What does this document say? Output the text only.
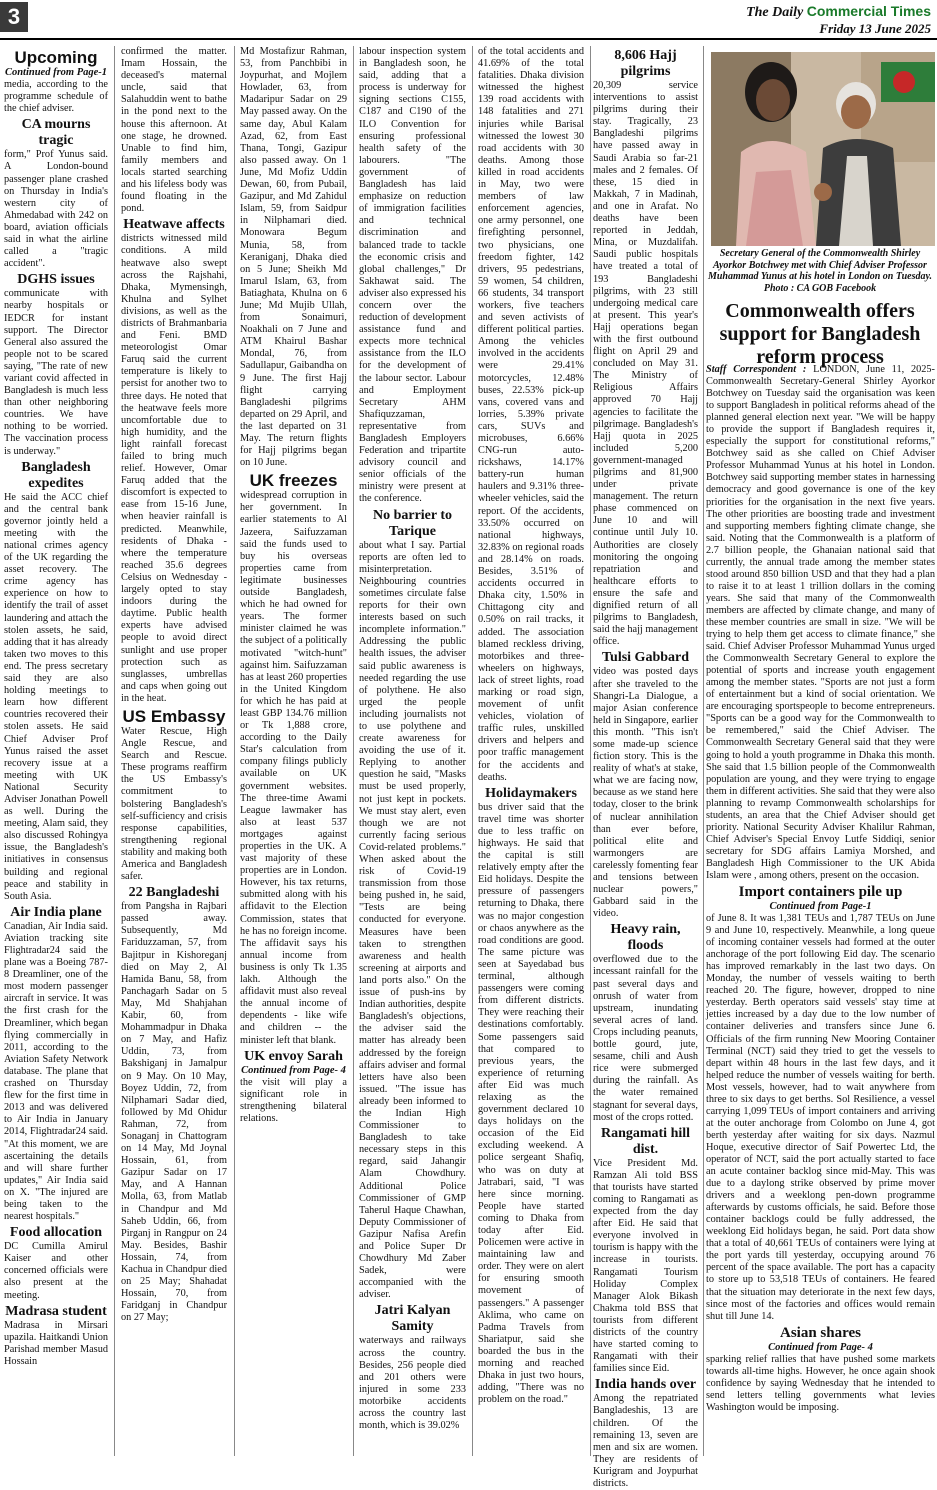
3	The Daily Commercial Times
Friday 13 June 2025
Upcoming
Continued from Page-1

media, according to the programme schedule of the chief adviser.

CA mourns tragic

form," Prof Yunus said. A London-bound passenger plane crashed on Thursday in India's western city of Ahmedabad with 242 on board, aviation officials said in what the airline called a "tragic accident".

DGHS issues

communicate with nearby hospitals or IEDCR for instant support. The Director General also assured the people not to be scared saying, "The rate of new variant covid affected in Bangladesh is much less than other neighboring countries. We have nothing to be worried. The vaccination process is underway."

Bangladesh expedites

He said the ACC chief and the central bank governor jointly held a meeting with the national crimes agency of the UK regarding the asset recovery. The crime agency has experience on how to identify the trail of asset laundering and attach the stolen assets, he said, adding that it has already taken two moves to this end. The press secretary said they are also holding meetings to learn how different countries recovered their stolen assets. He said Chief Adviser Prof Yunus raised the asset recovery issue at a meeting with UK National Security Adviser Jonathan Powell as well. During the meeting, Alam said, they also discussed Rohingya issue, the Bangladesh's initiatives in consensus building and regional peace and stability in South Asia.

Air India plane

Canadian, Air India said. Aviation tracking site Flightradar24 said the plane was a Boeing 787-8 Dreamliner, one of the most modern passenger aircraft in service. It was the first crash for the Dreamliner, which began flying commercially in 2011, according to the Aviation Safety Network database. The plane that crashed on Thursday flew for the first time in 2013 and was delivered to Air India in January 2014, Flightradar24 said. "At this moment, we are ascertaining the details and will share further updates," Air India said on X. "The injured are being taken to the nearest hospitals."

Food allocation

DC Cumilla Amirul Kaiser and other concerned officials were also present at the meeting.

Madrasa student

Madrasa in Mirsari upazila. Haitkandi Union Parishad member Masud Hossain

confirmed the matter. Imam Hossain, the deceased's maternal uncle, said that Salahuddin went to bathe in the pond next to the house this afternoon. At one stage, he drowned. Unable to find him, family members and locals started searching and his lifeless body was found floating in the pond.

Heatwave affects

districts witnessed mild conditions. A mild heatwave also swept across the Rajshahi, Dhaka, Mymensingh, Khulna and Sylhet divisions, as well as the districts of Brahmanbaria and Feni. BMD meteorologist Omar Faruq said the current temperature is likely to persist for another two to three days. He noted that the heatwave feels more uncomfortable due to high humidity, and the light rainfall forecast failed to bring much relief. However, Omar Faruq added that the discomfort is expected to ease from 15-16 June, when heavier rainfall is predicted. Meanwhile, residents of Dhaka - where the temperature reached 35.6 degrees Celsius on Wednesday - largely opted to stay indoors during the daytime. Public health experts have advised people to avoid direct sunlight and use proper protection such as sunglasses, umbrellas and caps when going out in the heat.

US Embassy

Water Rescue, High Angle Rescue, and Search and Rescue. These programs reaffirm the US Embassy's commitment to bolstering Bangladesh's self-sufficiency and crisis response capabilities, strengthening regional stability and making both America and Bangladesh safer.

22 Bangladeshi

from Pangsha in Rajbari passed away. Subsequently, Md Fariduzzaman, 57, from Bajitpur in Kishoreganj died on May 2, Al Hamida Banu, 58, from Panchagarh Sadar on 5 May, Md Shahjahan Kabir, 60, from Mohammadpur in Dhaka on 7 May, and Hafiz Uddin, 73, from Bakshiganj in Jamalpur on 9 May. On 10 May, Boyez Uddin, 72, from Nilphamari Sadar died, followed by Md Ohidur Rahman, 72, from Sonaganj in Chattogram on 14 May, Md Joynal Hossain, 61, from Gazipur Sadar on 17 May, and A Hannan Molla, 63, from Matlab in Chandpur and Md Saheb Uddin, 66, from Pirganj in Rangpur on 24 May. Besides, Bashir Hossain, 74, from Kachua in Chandpur died on 25 May; Shahadat Hossain, 70, from Faridganj in Chandpur on 27 May;

Md Mostafizur Rahman, 53, from Panchbibi in Joypurhat, and Mojlem Howlader, 63, from Madaripur Sadar on 29 May passed away. On the same day, Abul Kalam Azad, 62, from East Thana, Tongi, Gazipur also passed away. On 1 June, Md Mofiz Uddin Dewan, 60, from Pubail, Gazipur, and Md Zahidul Islam, 59, from Saidpur in Nilphamari died. Monowara Begum Munia, 58, from Keraniganj, Dhaka died on 5 June; Sheikh Md Imarul Islam, 63, from Batiaghata, Khulna on 6 June; Md Mujib Ullah, from Sonaimuri, Noakhali on 7 June and ATM Khairul Bashar Mondal, 76, from Sadullapur, Gaibandha on 9 June. The first Hajj flight carrying Bangladeshi pilgrims departed on 29 April, and the last departed on 31 May. The return flights for Hajj pilgrims began on 10 June.

UK freezes

widespread corruption in her government. In earlier statements to Al Jazeera, Saifuzzaman said the funds used to buy his overseas properties came from legitimate businesses outside Bangladesh, which he had owned for years. The former minister claimed he was the subject of a politically motivated "witch-hunt" against him. Saifuzzaman has at least 260 properties in the United Kingdom for which he has paid at least GBP 134.76 million or Tk 1,888 crore, according to the Daily Star's calculation from company filings publicly available on UK government websites. The three-time Awami League lawmaker has also at least 537 mortgages against properties in the UK. A vast majority of these properties are in London. However, his tax returns, submitted along with his affidavit to the Election Commission, states that he has no foreign income. The affidavit says his annual income from business is only Tk 1.35 lakh. Although the affidavit must also reveal the annual income of dependents - like wife and children -- the minister left that blank.

UK envoy Sarah
Continued from Page- 4

the visit will play a significant role in strengthening bilateral relations.

labour inspection system in Bangladesh soon, he said, adding that a process is underway for signing sections C155, C187 and C190 of the ILO Convention for ensuring professional health safety of the labourers. "The government of Bangladesh has laid emphasize on reduction of immigration facilities and technical discrimination and balanced trade to tackle the economic crisis and global challenges," Dr Sakhawat said. The adviser also expressed his concern over the reduction of development assistance fund and expects more technical assistance from the ILO for the development of the labour sector. Labour and Employment Secretary AHM Shafiquzzaman, representative from Bangladesh Employers Federation and tripartite advisory council and senior officials of the ministry were present at the conference.

No barrier to Tarique

about what I say. Partial reports are often led to misinterpretation. Neighbouring countries sometimes circulate false reports for their own interests based on such incomplete information." Addressing the public health issues, the adviser said public awareness is needed regarding the use of polythene. He also urged the people including journalists not to use polythene and create awareness for avoiding the use of it. Replying to another question he said, "Masks must be used properly, not just kept in pockets. We must stay alert, even though we are not currently facing serious Covid-related problems." When asked about the risk of Covid-19 transmission from those being pushed in, he said, "Tests are being conducted for everyone. Measures have been taken to strengthen awareness and health screening at airports and land ports also." On the issue of push-ins by Indian authorities, despite Bangladesh's objections, the adviser said the matter has already been addressed by the foreign affairs adviser and formal letters have also been issued. "The issue has already been informed to the Indian High Commissioner to Bangladesh to take necessary steps in this regard, said Jahangir Alam Chowdhury. Additional Police Commissioner of GMP Taherul Haque Chawhan, Deputy Commissioner of Gazipur Nafisa Arefin and Police Super Dr Chowdhury Md Zaber Sadek, were accompanied with the adviser.

Jatri Kalyan Samity

waterways and railways across the country. Besides, 256 people died and 201 others were injured in some 233 motorbike accidents across the country last month, which is 39.02%

of the total accidents and 41.69% of the total fatalities. Dhaka division witnessed the highest 139 road accidents with 148 fatalities and 271 injuries while Barisal witnessed the lowest 30 road accidents with 30 deaths. Among those killed in road accidents in May, two were members of law enforcement agencies, one army personnel, one firefighting personnel, two physicians, one freedom fighter, 142 drivers, 95 pedestrians, 59 women, 54 children, 66 students, 34 transport workers, five teachers and seven activists of different political parties. Among the vehicles involved in the accidents were 29.41% motorcycles, 12.48% buses, 22.53% pick-up vans, covered vans and lorries, 5.39% private cars, SUVs and microbuses, 6.66% CNG-run auto-rickshaws, 14.17% battery-run human haulers and 9.31% three-wheeler vehicles, said the report. Of the accidents, 33.50% occurred on national highways, 32.83% on regional roads and 28.14% on roads. Besides, 3.51% of accidents occurred in Dhaka city, 1.50% in Chittagong city and 0.50% on rail tracks, it added. The association blamed reckless driving, motorbikes and three-wheelers on highways, lack of street lights, road marking or road sign, movement of unfit vehicles, violation of traffic rules, unskilled drivers and helpers and poor traffic management for the accidents and deaths.

Holidaymakers

bus driver said that the travel time was shorter due to less traffic on highways. He said that the capital is still relatively empty after the Eid holidays. Despite the pressure of passengers returning to Dhaka, there was no major congestion or chaos anywhere as the road conditions are good. The same picture was seen at Sayedabad bus terminal, although passengers were coming from different districts. They were reaching their destinations comfortably. Some passengers said that compared to previous years, the experience of returning after Eid was much relaxing as the government declared 10 days holidays on the occasion of the Eid excluding weekend. A police sergeant Shafiq, who was on duty at Jatrabari, said, "I was here since morning. People have started coming to Dhaka from today after Eid. Policemen were active in maintaining law and order. They were on alert for ensuring smooth movement of passengers." A passenger Aklima, who came on Padma Travels from Shariatpur, said she boarded the bus in the morning and reached Dhaka in just two hours, adding, "There was no problem on the road."

8,606 Hajj pilgrims

20,309 service interventions to assist pilgrims during their stay. Tragically, 23 Bangladeshi pilgrims have passed away in Saudi Arabia so far-21 males and 2 females. Of these, 15 died in Makkah, 7 in Madinah, and one in Arafat. No deaths have been reported in Jeddah, Mina, or Muzdalifah. Saudi public hospitals have treated a total of 193 Bangladeshi pilgrims, with 23 still undergoing medical care at present. This year's Hajj operations began with the first outbound flight on April 29 and concluded on May 31. The Ministry of Religious Affairs approved 70 Hajj agencies to facilitate the pilgrimage. Bangladesh's Hajj quota in 2025 included 5,200 government-managed pilgrims and 81,900 under private management. The return phase commenced on June 10 and will continue until July 10. Authorities are closely monitoring the ongoing repatriation and healthcare efforts to ensure the safe and dignified return of all pilgrims to Bangladesh, said the hajj management office.

Tulsi Gabbard

video was posted days after she traveled to the Shangri-La Dialogue, a major Asian conference held in Singapore, earlier this month. "This isn't some made-up science fiction story. This is the reality of what's at stake, what we are facing now, because as we stand here today, closer to the brink of nuclear annihilation than ever before, political elite and warmongers are carelessly fomenting fear and tensions between nuclear powers," Gabbard said in the video.

Heavy rain, floods

overflowed due to the incessant rainfall for the past several days and onrush of water from upstream, inundating several acres of land. Crops including peanuts, bottle gourd, jute, sesame, chili and Aush rice were submerged during the rainfall. As the water remained stagnant for several days, most of the crops rotted.

Rangamati hill dist.

Vice President Md. Ramzan Ali told BSS that tourists have started coming to Rangamati as expected from the day after Eid. He said that everyone involved in tourism is happy with the increase in tourists. Rangamati Tourism Holiday Complex Manager Alok Bikash Chakma told BSS that tourists from different districts of the country have started coming to Rangamati with their families since Eid.

India hands over

Among the repatriated Bangladeshis, 13 are children. Of the remaining 13, seven are men and six are women. They are residents of Kurigram and Joypurhat districts.

Secretary General of the Commonwealth Shirley Ayorkor Botchwey met with Chief Adviser Professor Muhammad Yunus at his hotel in London on Tuesday. Photo : CA GOB Facebook
Commonwealth offers support for Bangladesh reform process

Staff Correspondent : LONDON, June 11, 2025- Commonwealth Secretary-General Shirley Ayorkor Botchwey on Tuesday said the organisation was keen to support Bangladesh in political reforms ahead of the planned general election next year. "We will be happy to provide the support if Bangladesh requires it, especially the support for constitutional reforms," Botchwey said as she called on Chief Adviser Professor Muhammad Yunus at his hotel in London. Botchwey said supporting member states in harnessing democracy and good governance is one of the key priorities for the organisation in the next five years. The other priorities are boosting trade and investment and supporting members fighting climate change, she said. Noting that the Commonwealth is a platform of 2.7 billion people, the Ghanaian national said that currently, the annual trade among the member states stood around 850 billion USD and that they had a plan to raise it to at least 1 trillion dollars in the coming years. She said that many of the Commonwealth members are affected by climate change, and many of these member countries are small in size. "We will be trying to help them get access to climate finance," she said. Chief Adviser Professor Muhammad Yunus urged the Commonwealth Secretary General to explore the potential of sports and increase youth engagement among the member states. "Sports are not just a form of entertainment but a kind of social orientation. We are encouraging sportspeople to become entrepreneurs. "Sports can be a good way for the Commonwealth to be remembered," said the Chief Adviser. The Commonwealth Secretary General said that they were going to hold a youth programme in Dhaka this month. She said that 1.5 billion people of the Commonwealth population are young, and they were trying to engage them in different activities. She said that they were also planning to revamp Commonwealth scholarships for students, an area that the Chief Adviser should get priority. National Security Adviser Khalilur Rahman, Chief Adviser's Special Envoy Lutfe Siddiqi, senior secretary for SDG affairs Lamiya Morshed, and Bangladesh High Commissioner to the UK Abida Islam were , among others, present on the occasion.

Import containers pile up
Continued from Page-1

of June 8. It was 1,381 TEUs and 1,787 TEUs on June 9 and June 10, respectively. Meanwhile, a long queue of incoming container vessels had formed at the outer anchorage of the port following Eid day. The scenario has improved remarkably in the last two days. On Monday, the number of vessels waiting to berth reached 20. The figure, however, dropped to nine yesterday. Berth operators said vessels' stay time at jetties increased by a day due to the low number of container deliveries and transfers since June 6. Officials of the firm running New Mooring Container Terminal (NCT) said they tried to get the vessels to depart within 48 hours in the last few days, and it helped reduce the number of vessels waiting for berth. Most vessels, however, had to wait anywhere from three to six days to get berths. Sol Resilience, a vessel carrying 1,099 TEUs of import containers and arriving at the outer anchorage from Colombo on June 4, got berth yesterday after waiting for six days. Nazmul Hoque, executive director of Saif Powertec Ltd, the operator of NCT, said the port actually started to face an acute container backlog since mid-May. This was due to a daylong strike observed by prime mover drivers and a weeklong pen-down programme afterwards by customs officials, he said. Before those container backlogs could be fully addressed, the weeklong Eid holidays began, he said. Port data show that a total of 40,661 TEUs of containers were lying at the port yards till yesterday, occupying around 76 percent of the space available. The port has a capacity to store up to 53,518 TEUs of containers. He feared that the situation may deteriorate in the next few days, since most of the factories and offices would remain shut till June 14.

Asian shares
Continued from Page- 4

sparking relief rallies that have pushed some markets towards all-time highs. However, he once again shook confidence by saying Wednesday that he intended to send letters telling governments what levies Washington would be imposing.
